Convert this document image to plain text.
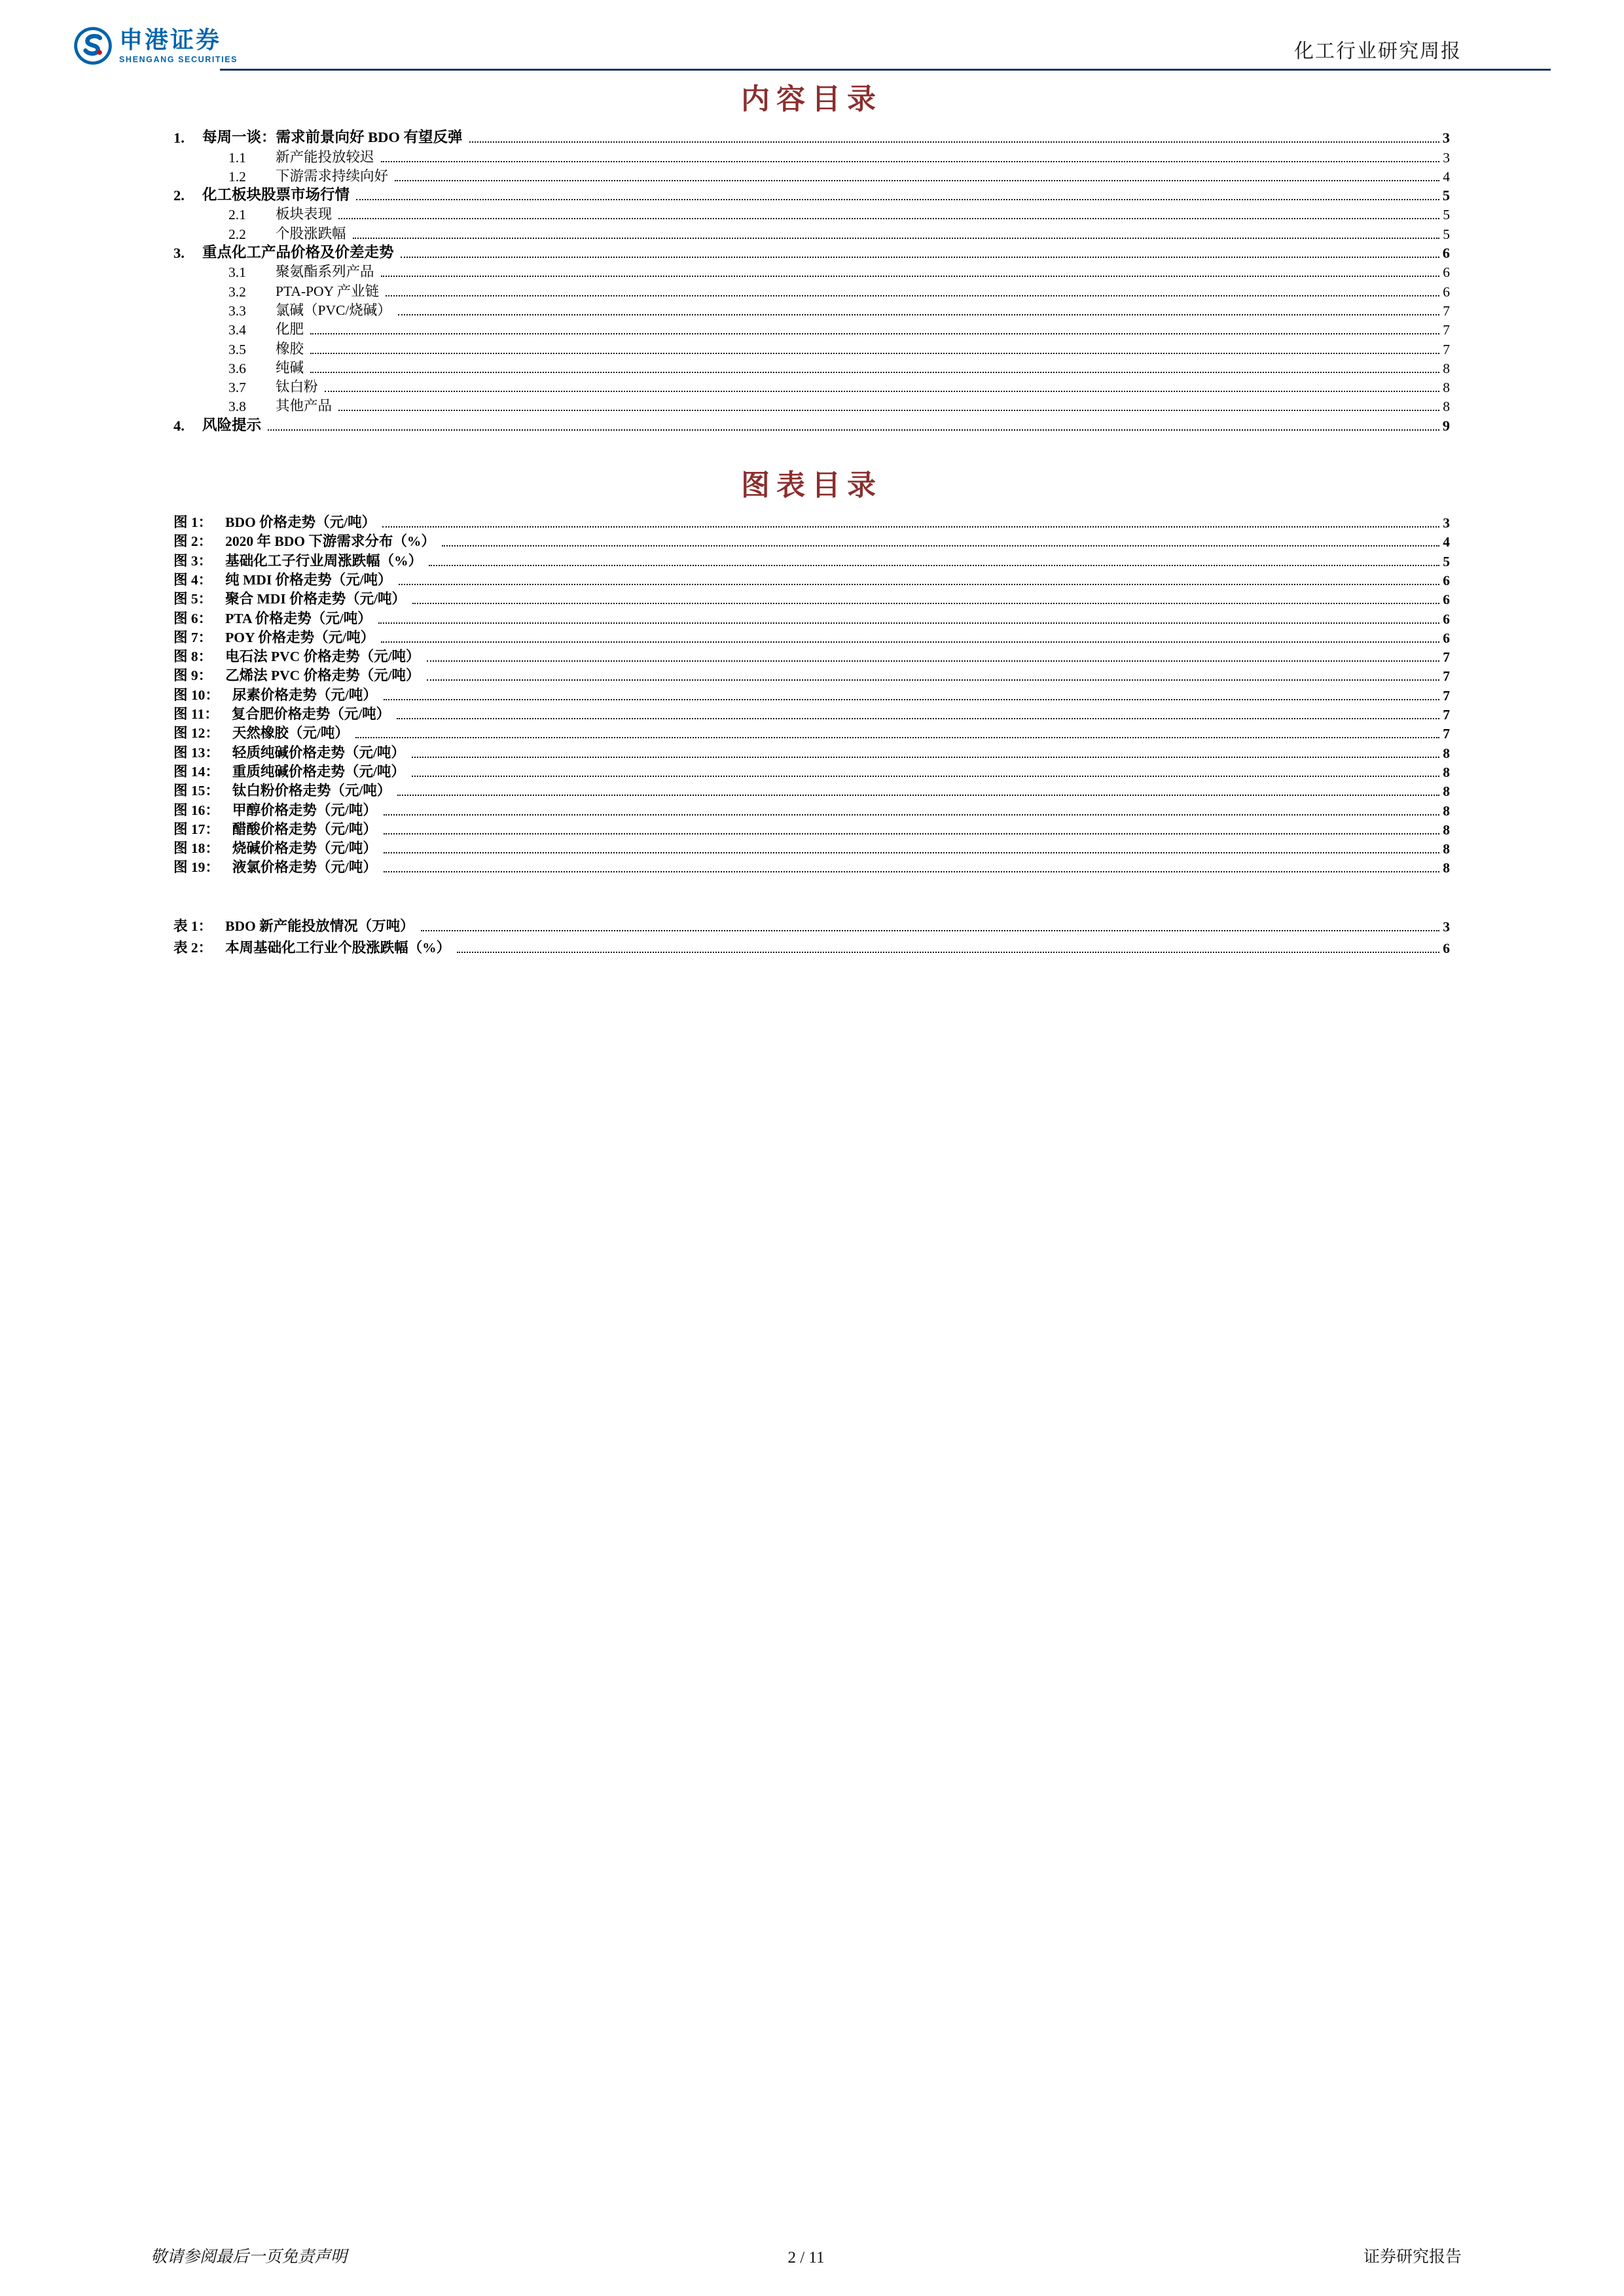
申港证券
SHENGANG SECURITIES	化工行业研究周报
内容目录
1.	每周一谈：需求前景向好 BDO 有望反弹	3
1.1	新产能投放较迟	3
1.2	下游需求持续向好	4
2.	化工板块股票市场行情	5
2.1	板块表现	5
2.2	个股涨跌幅	5
3.	重点化工产品价格及价差走势	6
3.1	聚氨酯系列产品	6
3.2	PTA-POY 产业链	6
3.3	氯碱（PVC/烧碱）	7
3.4	化肥	7
3.5	橡胶	7
3.6	纯碱	8
3.7	钛白粉	8
3.8	其他产品	8
4.	风险提示	9
图表目录
图 1： BDO 价格走势（元/吨）	3
图 2： 2020 年 BDO 下游需求分布（%）	4
图 3： 基础化工子行业周涨跌幅（%）	5
图 4： 纯 MDI 价格走势（元/吨）	6
图 5： 聚合 MDI 价格走势（元/吨）	6
图 6： PTA 价格走势（元/吨）	6
图 7： POY 价格走势（元/吨）	6
图 8： 电石法 PVC 价格走势（元/吨）	7
图 9： 乙烯法 PVC 价格走势（元/吨）	7
图 10： 尿素价格走势（元/吨）	7
图 11： 复合肥价格走势（元/吨）	7
图 12： 天然橡胶（元/吨）	7
图 13： 轻质纯碱价格走势（元/吨）	8
图 14： 重质纯碱价格走势（元/吨）	8
图 15： 钛白粉价格走势（元/吨）	8
图 16： 甲醇价格走势（元/吨）	8
图 17： 醋酸价格走势（元/吨）	8
图 18： 烧碱价格走势（元/吨）	8
图 19： 液氯价格走势（元/吨）	8
表 1： BDO 新产能投放情况（万吨）	3
表 2： 本周基础化工行业个股涨跌幅（%）	6
敬请参阅最后一页免责声明	2 / 11	证券研究报告
